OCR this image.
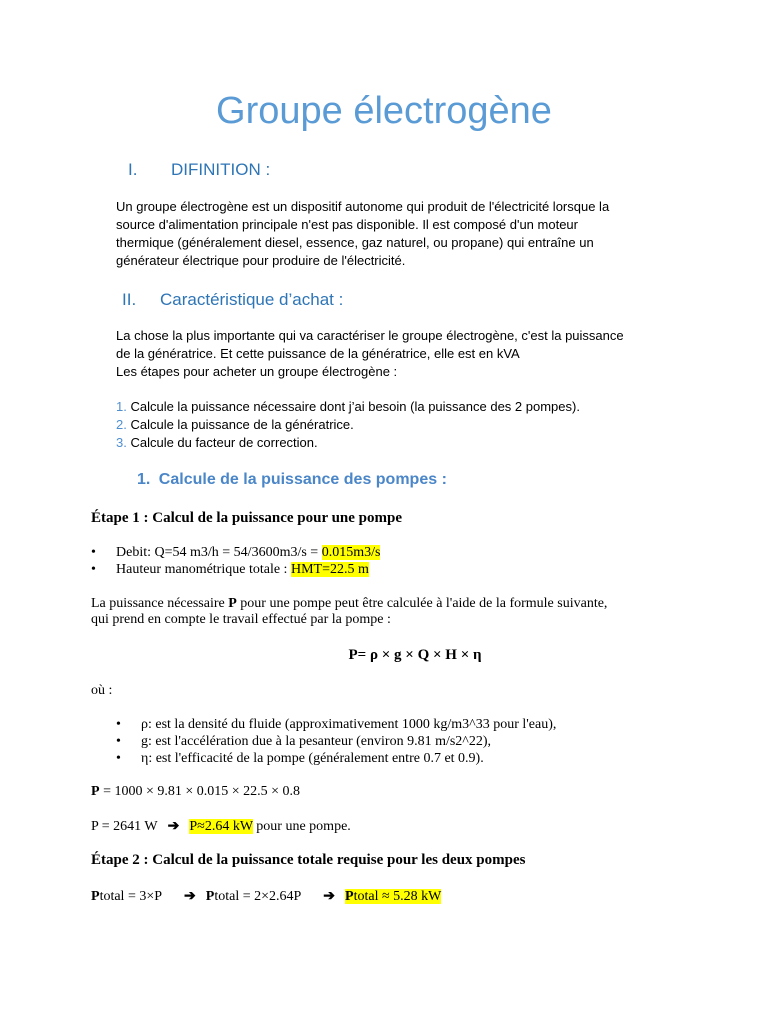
Groupe électrogène
I. DIFINITION :
Un groupe électrogène est un dispositif autonome qui produit de l'électricité lorsque la
source d'alimentation principale n'est pas disponible. Il est composé d'un moteur
thermique (généralement diesel, essence, gaz naturel, ou propane) qui entraîne un
générateur électrique pour produire de l'électricité.
II. Caractéristique d’achat :
La chose la plus importante qui va caractériser le groupe électrogène, c'est la puissance
de la génératrice. Et cette puissance de la génératrice, elle est en kVA
Les étapes pour acheter un groupe électrogène :
1. Calcule la puissance nécessaire dont j’ai besoin (la puissance des 2 pompes).
2. Calcule la puissance de la génératrice.
3. Calcule du facteur de correction.
1. Calcule de la puissance des pompes :
Étape 1 : Calcul de la puissance pour une pompe
• Debit: Q=54 m3/h = 54/3600m3/s = 0.015m3/s
• Hauteur manométrique totale : HMT=22.5 m
La puissance nécessaire P pour une pompe peut être calculée à l'aide de la formule suivante,
qui prend en compte le travail effectué par la pompe :
P= ρ × g × Q × H × η
où :
• ρ: est la densité du fluide (approximativement 1000 kg/m3^33 pour l'eau),
• g: est l'accélération due à la pesanteur (environ 9.81 m/s2^22),
• η: est l'efficacité de la pompe (généralement entre 0.7 et 0.9).
P = 1000 × 9.81 × 0.015 × 22.5 × 0.8
P = 2641 W ➔ P≈2.64 kW pour une pompe.
Étape 2 : Calcul de la puissance totale requise pour les deux pompes
Ptotal = 3×P ➔ Ptotal = 2×2.64P ➔ Ptotal ≈ 5.28 kW
